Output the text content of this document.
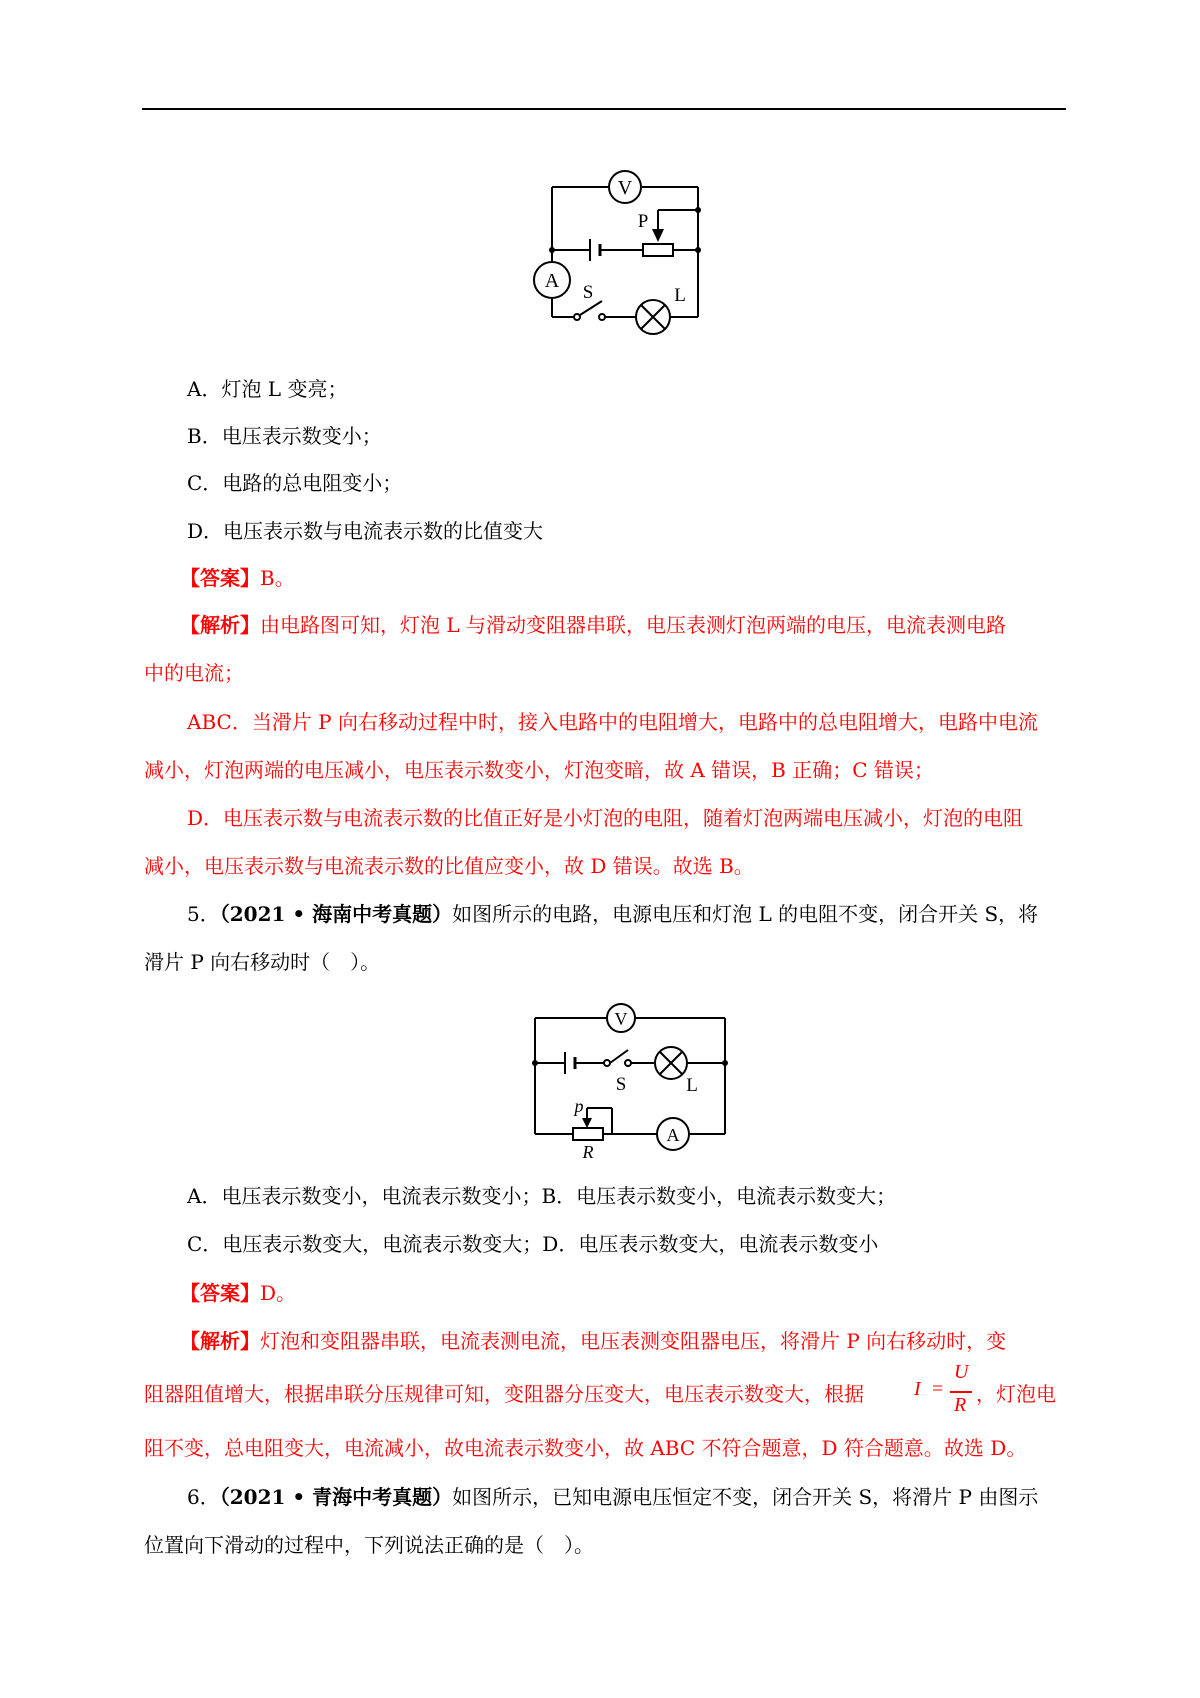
V
A
P
S	L
A．灯泡 L 变亮；
B．电压表示数变小；
C．电路的总电阻变小；
D．电压表示数与电流表示数的比值变大
【答案】B。
【解析】由电路图可知，灯泡 L 与滑动变阻器串联，电压表测灯泡两端的电压，电流表测电路
中的电流；
ABC．当滑片 P 向右移动过程中时，接入电路中的电阻增大，电路中的总电阻增大，电路中电流
减小，灯泡两端的电压减小，电压表示数变小，灯泡变暗，故 A 错误，B 正确；C 错误；
D．电压表示数与电流表示数的比值正好是小灯泡的电阻，随着灯泡两端电压减小，灯泡的电阻
减小，电压表示数与电流表示数的比值应变小，故 D 错误。故选 B。
5．（2021 • 海南中考真题）如图所示的电路，电源电压和灯泡 L 的电阻不变，闭合开关 S，将
滑片 P 向右移动时（　）。
V
S	L
A
p
R
A．电压表示数变小，电流表示数变小；B．电压表示数变小，电流表示数变大；
C．电压表示数变大，电流表示数变大；D．电压表示数变大，电流表示数变小
【答案】D。
【解析】灯泡和变阻器串联，电流表测电流，电压表测变阻器电压，将滑片 P 向右移动时，变
阻器阻值增大，根据串联分压规律可知，变阻器分压变大，电压表示数变大，根据	I =
U
R ，灯泡电
阻不变，总电阻变大，电流减小，故电流表示数变小，故 ABC 不符合题意，D 符合题意。故选 D。
6．（2021 • 青海中考真题）如图所示，已知电源电压恒定不变，闭合开关 S，将滑片 P 由图示
位置向下滑动的过程中，下列说法正确的是（　）。
